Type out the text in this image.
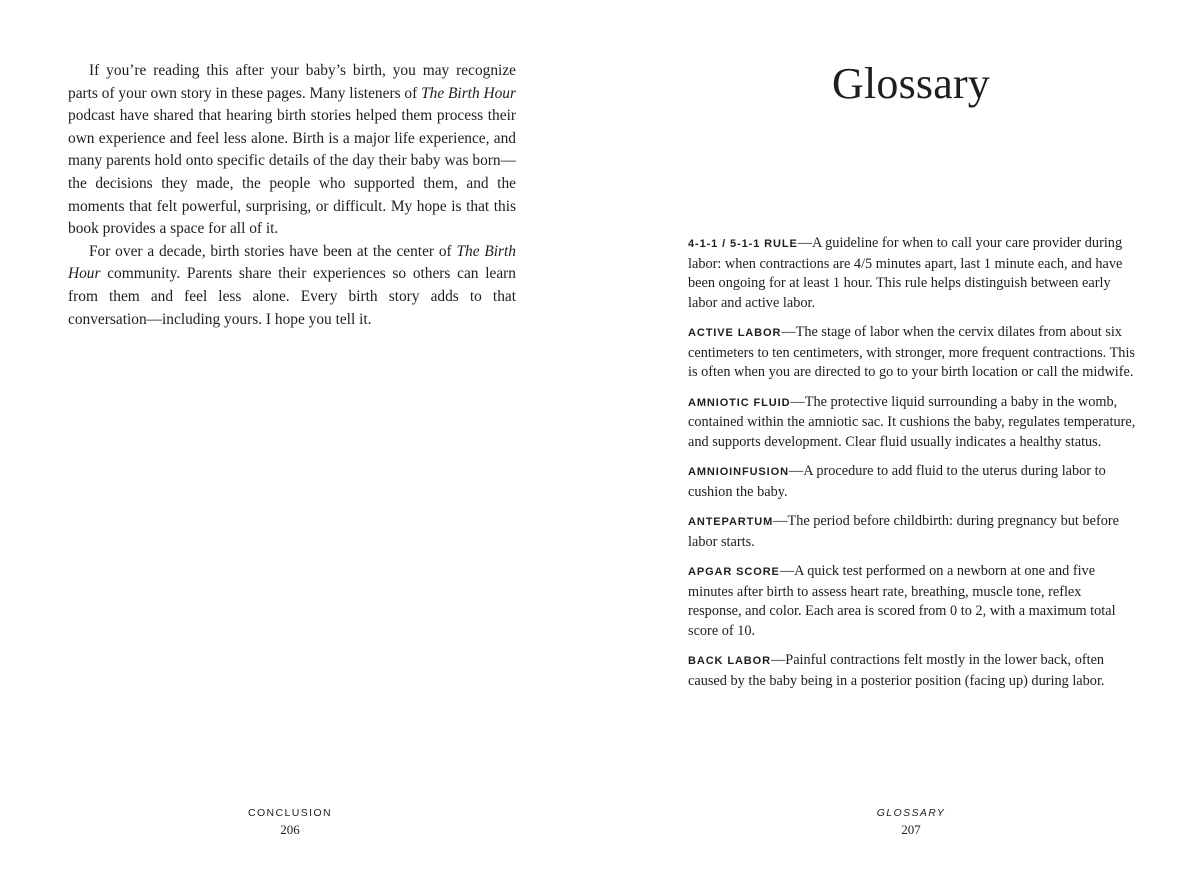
If you’re reading this after your baby’s birth, you may recognize parts of your own story in these pages. Many listeners of The Birth Hour podcast have shared that hearing birth stories helped them process their own experience and feel less alone. Birth is a major life experience, and many parents hold onto specific details of the day their baby was born—the decisions they made, the people who supported them, and the moments that felt powerful, surprising, or difficult. My hope is that this book provides a space for all of it.

For over a decade, birth stories have been at the center of The Birth Hour community. Parents share their experiences so others can learn from them and feel less alone. Every birth story adds to that conversation—including yours. I hope you tell it.

CONCLUSION
206
Glossary
4-1-1 / 5-1-1 RULE—A guideline for when to call your care provider during labor: when contractions are 4/5 minutes apart, last 1 minute each, and have been ongoing for at least 1 hour. This rule helps distinguish between early labor and active labor.
ACTIVE LABOR—The stage of labor when the cervix dilates from about six centimeters to ten centimeters, with stronger, more frequent contractions. This is often when you are directed to go to your birth location or call the midwife.
AMNIOTIC FLUID—The protective liquid surrounding a baby in the womb, contained within the amniotic sac. It cushions the baby, regulates temperature, and supports development. Clear fluid usually indicates a healthy status.
AMNIOINFUSION—A procedure to add fluid to the uterus during labor to cushion the baby.
ANTEPARTUM—The period before childbirth: during pregnancy but before labor starts.
APGAR SCORE—A quick test performed on a newborn at one and five minutes after birth to assess heart rate, breathing, muscle tone, reflex response, and color. Each area is scored from 0 to 2, with a maximum total score of 10.
BACK LABOR—Painful contractions felt mostly in the lower back, often caused by the baby being in a posterior position (facing up) during labor.
GLOSSARY
207
